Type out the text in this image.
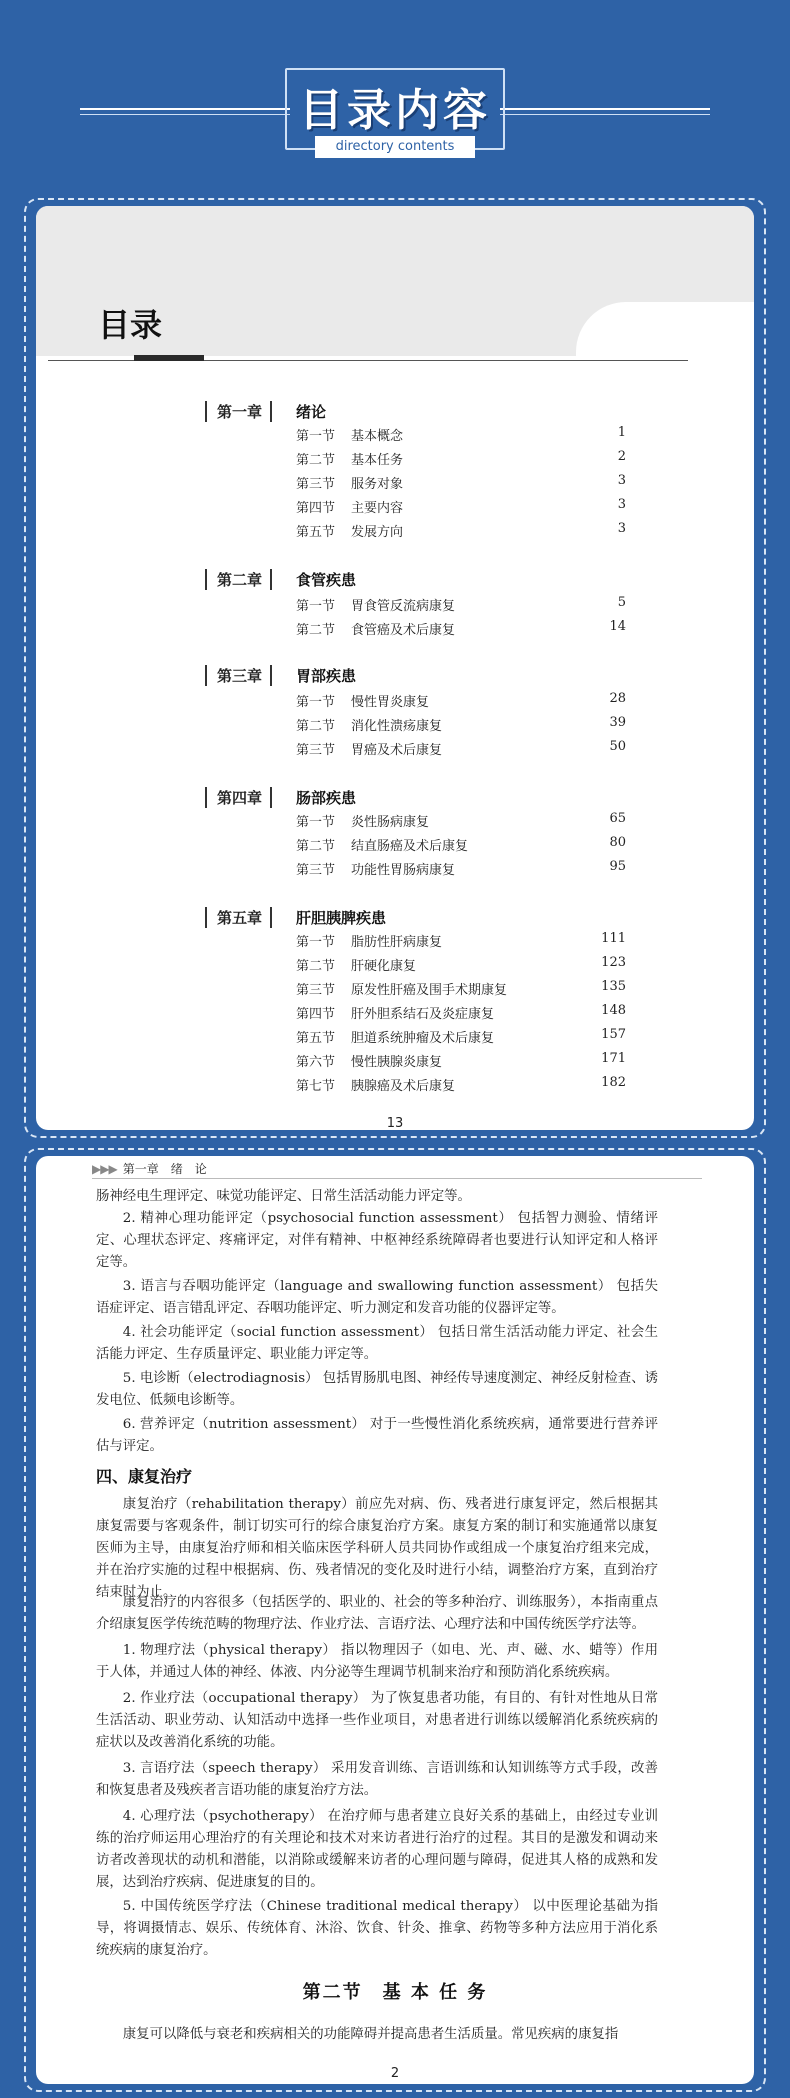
目录内容
directory contents
目录
第一章	绪论
第一节 基本概念	1
第二节 基本任务	2
第三节 服务对象	3
第四节 主要内容	3
第五节 发展方向	3
第二章	食管疾患
第一节 胃食管反流病康复	5
第二节 食管癌及术后康复	14
第三章	胃部疾患
第一节 慢性胃炎康复	28
第二节 消化性溃疡康复	39
第三节 胃癌及术后康复	50
第四章	肠部疾患
第一节 炎性肠病康复	65
第二节 结直肠癌及术后康复	80
第三节 功能性胃肠病康复	95
第五章	肝胆胰脾疾患
第一节 脂肪性肝病康复	111
第二节 肝硬化康复	123
第三节 原发性肝癌及围手术期康复	135
第四节 肝外胆系结石及炎症康复	148
第五节 胆道系统肿瘤及术后康复	157
第六节 慢性胰腺炎康复	171
第七节 胰腺癌及术后康复	182
13
▶▶▶ 第一章　绪　论
肠神经电生理评定、味觉功能评定、日常生活活动能力评定等。
2. 精神心理功能评定（psychosocial function assessment） 包括智力测验、情绪评定、心理状态评定、疼痛评定，对伴有精神、中枢神经系统障碍者也要进行认知评定和人格评定等。
3. 语言与吞咽功能评定（language and swallowing function assessment） 包括失语症评定、语言错乱评定、吞咽功能评定、听力测定和发音功能的仪器评定等。
4. 社会功能评定（social function assessment） 包括日常生活活动能力评定、社会生活能力评定、生存质量评定、职业能力评定等。
5. 电诊断（electrodiagnosis） 包括胃肠肌电图、神经传导速度测定、神经反射检查、诱发电位、低频电诊断等。
6. 营养评定（nutrition assessment） 对于一些慢性消化系统疾病，通常要进行营养评估与评定。
四、康复治疗
康复治疗（rehabilitation therapy）前应先对病、伤、残者进行康复评定，然后根据其康复需要与客观条件，制订切实可行的综合康复治疗方案。康复方案的制订和实施通常以康复医师为主导，由康复治疗师和相关临床医学科研人员共同协作或组成一个康复治疗组来完成，并在治疗实施的过程中根据病、伤、残者情况的变化及时进行小结，调整治疗方案，直到治疗结束时为止。
康复治疗的内容很多（包括医学的、职业的、社会的等多种治疗、训练服务），本指南重点介绍康复医学传统范畴的物理疗法、作业疗法、言语疗法、心理疗法和中国传统医学疗法等。
1. 物理疗法（physical therapy） 指以物理因子（如电、光、声、磁、水、蜡等）作用于人体，并通过人体的神经、体液、内分泌等生理调节机制来治疗和预防消化系统疾病。
2. 作业疗法（occupational therapy） 为了恢复患者功能，有目的、有针对性地从日常生活活动、职业劳动、认知活动中选择一些作业项目，对患者进行训练以缓解消化系统疾病的症状以及改善消化系统的功能。
3. 言语疗法（speech therapy） 采用发音训练、言语训练和认知训练等方式手段，改善和恢复患者及残疾者言语功能的康复治疗方法。
4. 心理疗法（psychotherapy） 在治疗师与患者建立良好关系的基础上，由经过专业训练的治疗师运用心理治疗的有关理论和技术对来访者进行治疗的过程。其目的是激发和调动来访者改善现状的动机和潜能，以消除或缓解来访者的心理问题与障碍，促进其人格的成熟和发展，达到治疗疾病、促进康复的目的。
5. 中国传统医学疗法（Chinese traditional medical therapy） 以中医理论基础为指导，将调摄情志、娱乐、传统体育、沐浴、饮食、针灸、推拿、药物等多种方法应用于消化系统疾病的康复治疗。
第二节　基 本 任 务
康复可以降低与衰老和疾病相关的功能障碍并提高患者生活质量。常见疾病的康复指
2
